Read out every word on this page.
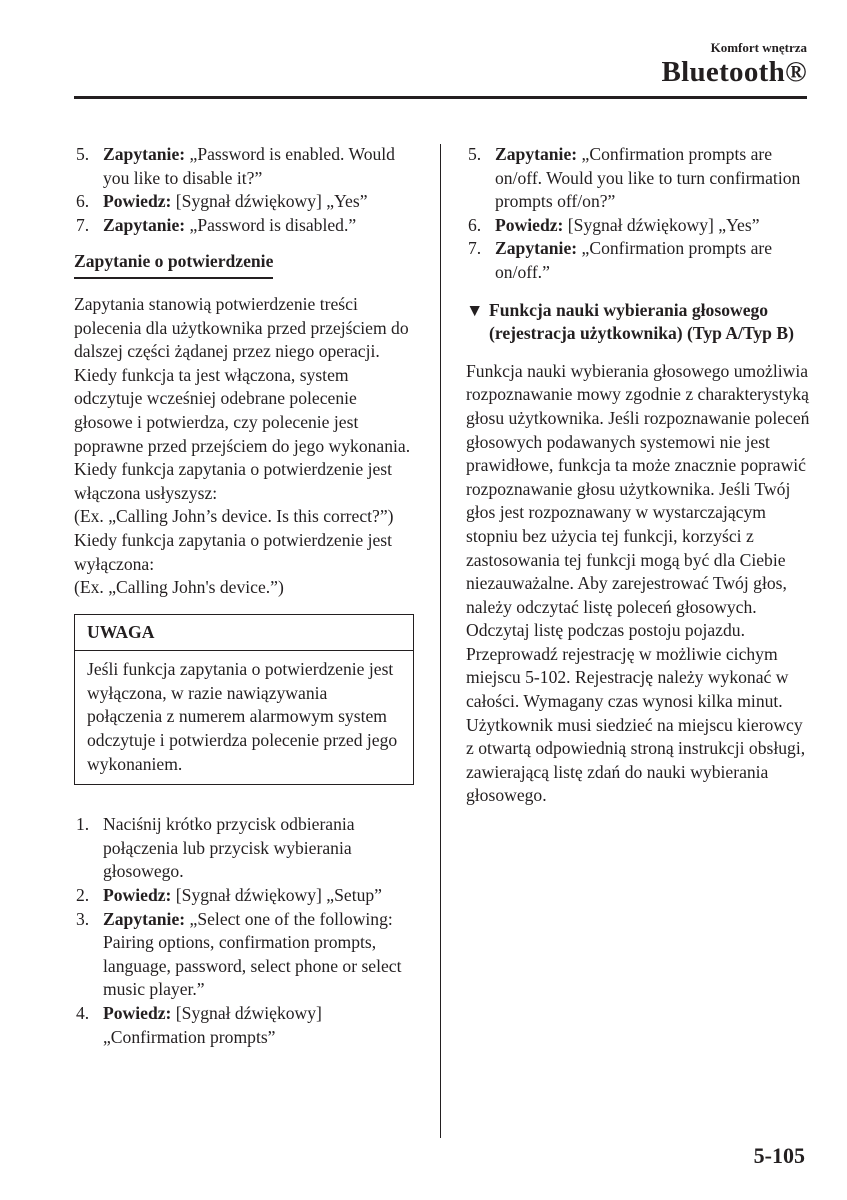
Komfort wnętrza
Bluetooth®
5. Zapytanie: „Password is enabled. Would you like to disable it?”
6. Powiedz: [Sygnał dźwiękowy] „Yes”
7. Zapytanie: „Password is disabled.”
Zapytanie o potwierdzenie

Zapytania stanowią potwierdzenie treści polecenia dla użytkownika przed przejściem do dalszej części żądanej przez niego operacji. Kiedy funkcja ta jest włączona, system odczytuje wcześniej odebrane polecenie głosowe i potwierdza, czy polecenie jest poprawne przed przejściem do jego wykonania.

Kiedy funkcja zapytania o potwierdzenie jest włączona usłyszysz:

(Ex. „Calling John’s device. Is this correct?”)

Kiedy funkcja zapytania o potwierdzenie jest wyłączona:

(Ex. „Calling John's device.”)

UWAGA
Jeśli funkcja zapytania o potwierdzenie jest wyłączona, w razie nawiązywania połączenia z numerem alarmowym system odczytuje i potwierdza polecenie przed jego wykonaniem.
1. Naciśnij krótko przycisk odbierania połączenia lub przycisk wybierania głosowego.
2. Powiedz: [Sygnał dźwiękowy] „Setup”
3. Zapytanie: „Select one of the following: Pairing options, confirmation prompts, language, password, select phone or select music player.”
4. Powiedz: [Sygnał dźwiękowy] „Confirmation prompts”
5. Zapytanie: „Confirmation prompts are on/off. Would you like to turn confirmation prompts off/on?”
6. Powiedz: [Sygnał dźwiękowy] „Yes”
7. Zapytanie: „Confirmation prompts are on/off.”
▼ Funkcja nauki wybierania głosowego (rejestracja użytkownika) (Typ A/Typ B)
Funkcja nauki wybierania głosowego umożliwia rozpoznawanie mowy zgodnie z charakterystyką głosu użytkownika. Jeśli rozpoznawanie poleceń głosowych podawanych systemowi nie jest prawidłowe, funkcja ta może znacznie poprawić rozpoznawanie głosu użytkownika. Jeśli Twój głos jest rozpoznawany w wystarczającym stopniu bez użycia tej funkcji, korzyści z zastosowania tej funkcji mogą być dla Ciebie niezauważalne. Aby zarejestrować Twój głos, należy odczytać listę poleceń głosowych. Odczytaj listę podczas postoju pojazdu. Przeprowadź rejestrację w możliwie cichym miejscu 5-102. Rejestrację należy wykonać w całości. Wymagany czas wynosi kilka minut. Użytkownik musi siedzieć na miejscu kierowcy z otwartą odpowiednią stroną instrukcji obsługi, zawierającą listę zdań do nauki wybierania głosowego.
5-105
